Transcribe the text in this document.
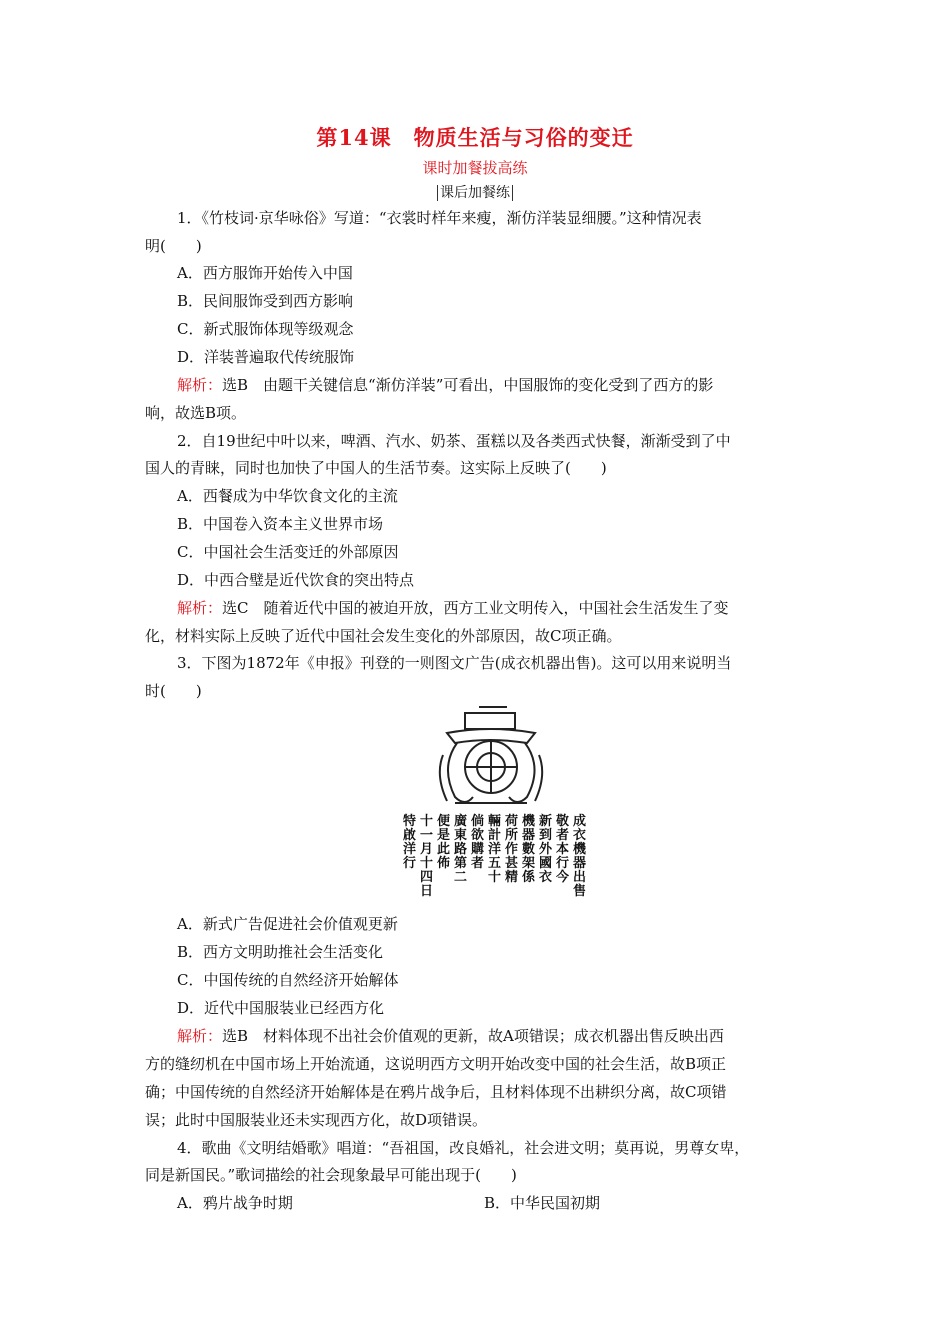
第14课　物质生活与习俗的变迁
课时加餐拔高练
课后加餐练
1．《竹枝词·京华咏俗》写道：“衣裳时样年来瘦，渐仿洋装显细腰。”这种情况表
明(　　)
A．西方服饰开始传入中国
B．民间服饰受到西方影响
C．新式服饰体现等级观念
D．洋装普遍取代传统服饰
解析：选B　由题干关键信息“渐仿洋装”可看出，中国服饰的变化受到了西方的影
响，故选B项。
2．自19世纪中叶以来，啤酒、汽水、奶茶、蛋糕以及各类西式快餐，渐渐受到了中
国人的青睐，同时也加快了中国人的生活节奏。这实际上反映了(　　)
A．西餐成为中华饮食文化的主流
B．中国卷入资本主义世界市场
C．中国社会生活变迁的外部原因
D．中西合璧是近代饮食的突出特点
解析：选C　随着近代中国的被迫开放，西方工业文明传入，中国社会生活发生了变
化，材料实际上反映了近代中国社会发生变化的外部原因，故C项正确。
3．下图为1872年《申报》刊登的一则图文广告(成衣机器出售)。这可以用来说明当
时(　　)
成衣機器出售
敬者本行今
新到外國衣
機器數架係
荷所作甚精
輛計洋五十
倘欲購者
廣東路第二
便是此佈
十一月十四日
特啟洋行
A．新式广告促进社会价值观更新
B．西方文明助推社会生活变化
C．中国传统的自然经济开始解体
D．近代中国服装业已经西方化
解析：选B　材料体现不出社会价值观的更新，故A项错误；成衣机器出售反映出西
方的缝纫机在中国市场上开始流通，这说明西方文明开始改变中国的社会生活，故B项正
确；中国传统的自然经济开始解体是在鸦片战争后，且材料体现不出耕织分离，故C项错
误；此时中国服装业还未实现西方化，故D项错误。
4．歌曲《文明结婚歌》唱道：“吾祖国，改良婚礼，社会进文明；莫再说，男尊女卑，
同是新国民。”歌词描绘的社会现象最早可能出现于(　　)
A．鸦片战争时期	B．中华民国初期
